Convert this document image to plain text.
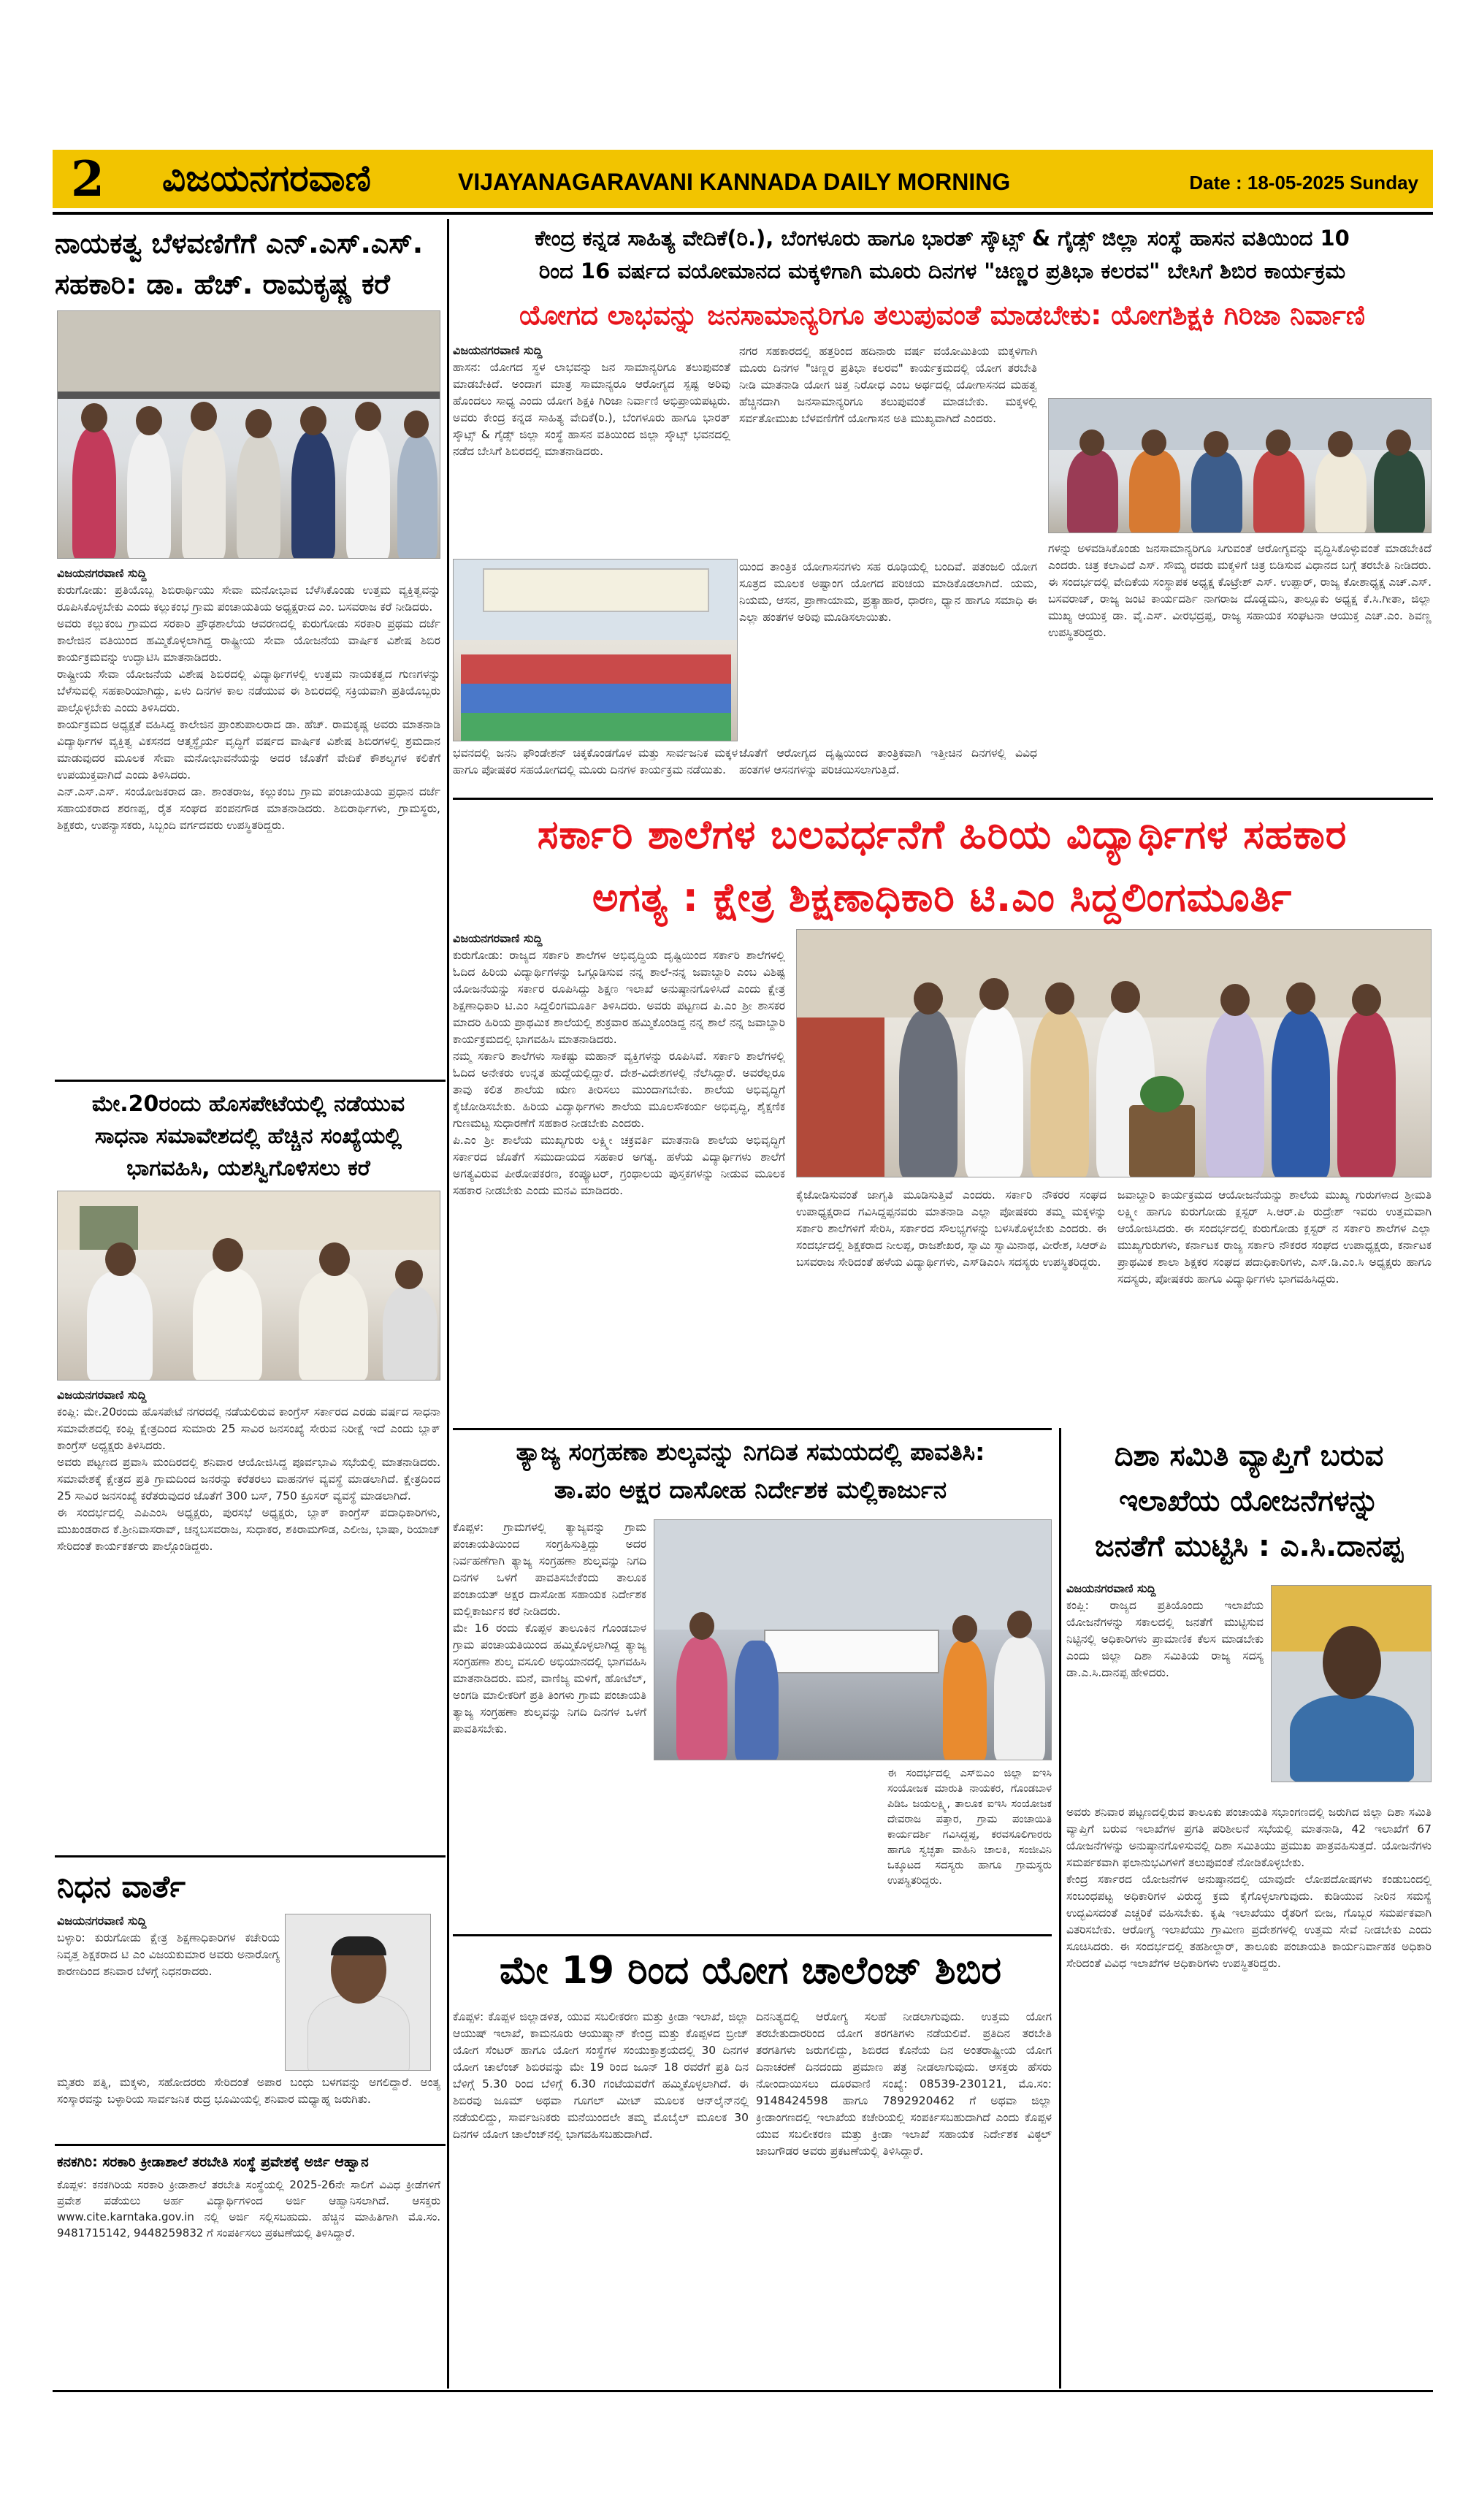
2	ವಿಜಯನಗರವಾಣಿ	VIJAYANAGARAVANI KANNADA DAILY MORNING	Date : 18-05-2025 Sunday
ನಾಯಕತ್ವ ಬೆಳವಣಿಗೆಗೆ ಎನ್.ಎಸ್.ಎಸ್.
ಸಹಕಾರಿ: ಡಾ. ಹೆಚ್. ರಾಮಕೃಷ್ಣ ಕರೆ
ವಿಜಯನಗರವಾಣಿ ಸುದ್ದಿ

ಕುರುಗೋಡು: ಪ್ರತಿಯೊಬ್ಬ ಶಿಬಿರಾರ್ಥಿಯು ಸೇವಾ ಮನೋಭಾವ ಬೆಳೆಸಿಕೊಂಡು ಉತ್ತಮ ವ್ಯಕ್ತಿತ್ವವನ್ನು ರೂಪಿಸಿಕೊಳ್ಳಬೇಕು ಎಂದು ಕಲ್ಲುಕಂಭ ಗ್ರಾಮ ಪಂಚಾಯತಿಯ ಅಧ್ಯಕ್ಷರಾದ ಎಂ. ಬಸವರಾಜ ಕರೆ ನೀಡಿದರು.

ಅವರು ಕಲ್ಲುಕಂಬ ಗ್ರಾಮದ ಸರಕಾರಿ ಪ್ರೌಢಶಾಲೆಯ ಆವರಣದಲ್ಲಿ ಕುರುಗೋಡು ಸರಕಾರಿ ಪ್ರಥಮ ದರ್ಜೆ ಕಾಲೇಜಿನ ವತಿಯಿಂದ ಹಮ್ಮಿಕೊಳ್ಳಲಾಗಿದ್ದ ರಾಷ್ಟ್ರೀಯ ಸೇವಾ ಯೋಜನೆಯ ವಾರ್ಷಿಕ ವಿಶೇಷ ಶಿಬಿರ ಕಾರ್ಯಕ್ರಮವನ್ನು ಉದ್ಘಾಟಿಸಿ ಮಾತನಾಡಿದರು.

ರಾಷ್ಟ್ರೀಯ ಸೇವಾ ಯೋಜನೆಯ ವಿಶೇಷ ಶಿಬಿರದಲ್ಲಿ ವಿದ್ಯಾರ್ಥಿಗಳಲ್ಲಿ ಉತ್ತಮ ನಾಯಕತ್ವದ ಗುಣಗಳನ್ನು ಬೆಳೆಸುವಲ್ಲಿ ಸಹಕಾರಿಯಾಗಿದ್ದು, ಏಳು ದಿನಗಳ ಕಾಲ ನಡೆಯುವ ಈ ಶಿಬಿರದಲ್ಲಿ ಸಕ್ರಿಯವಾಗಿ ಪ್ರತಿಯೊಬ್ಬರು ಪಾಲ್ಗೊಳ್ಳಬೇಕು ಎಂದು ತಿಳಿಸಿದರು.

ಕಾರ್ಯಕ್ರಮದ ಅಧ್ಯಕ್ಷತೆ ವಹಿಸಿದ್ದ ಕಾಲೇಜಿನ ಪ್ರಾಂಶುಪಾಲರಾದ ಡಾ. ಹೆಚ್. ರಾಮಕೃಷ್ಣ ಅವರು ಮಾತನಾಡಿ ವಿದ್ಯಾರ್ಥಿಗಳ ವ್ಯಕ್ತಿತ್ವ ವಿಕಸನದ ಆತ್ಮಸ್ಥೈರ್ಯ ವೃದ್ಧಿಗೆ ವರ್ಷದ ವಾರ್ಷಿಕ ವಿಶೇಷ ಶಿಬಿರಗಳಲ್ಲಿ ಶ್ರಮದಾನ ಮಾಡುವುದರ ಮೂಲಕ ಸೇವಾ ಮನೋಭಾವನೆಯನ್ನು ಅದರ ಜೊತೆಗೆ ವೇದಿಕೆ ಕೌಶಲ್ಯಗಳ ಕಲಿಕೆಗೆ ಉಪಯುಕ್ತವಾಗಿದೆ ಎಂದು ತಿಳಿಸಿದರು.

ಎನ್.ಎಸ್.ಎಸ್. ಸಂಯೋಜಕರಾದ ಡಾ. ಶಾಂತರಾಜ, ಕಲ್ಲುಕಂಬ ಗ್ರಾಮ ಪಂಚಾಯತಿಯ ಪ್ರಧಾನ ದರ್ಜೆ ಸಹಾಯಕರಾದ ಶರಣಪ್ಪ, ರೈತ ಸಂಘದ ಪಂಪನಗೌಡ ಮಾತನಾಡಿದರು. ಶಿಬಿರಾರ್ಥಿಗಳು, ಗ್ರಾಮಸ್ಥರು, ಶಿಕ್ಷಕರು, ಉಪನ್ಯಾಸಕರು, ಸಿಬ್ಬಂದಿ ವರ್ಗದವರು ಉಪಸ್ಥಿತರಿದ್ದರು.

ಮೇ.20ರಂದು ಹೊಸಪೇಟೆಯಲ್ಲಿ ನಡೆಯುವ
ಸಾಧನಾ ಸಮಾವೇಶದಲ್ಲಿ ಹೆಚ್ಚಿನ ಸಂಖ್ಯೆಯಲ್ಲಿ
ಭಾಗವಹಿಸಿ, ಯಶಸ್ವಿಗೊಳಿಸಲು ಕರೆ
ವಿಜಯನಗರವಾಣಿ ಸುದ್ದಿ

ಕಂಪ್ಲಿ: ಮೇ.20ರಂದು ಹೊಸಪೇಟೆ ನಗರದಲ್ಲಿ ನಡೆಯಲಿರುವ ಕಾಂಗ್ರೆಸ್ ಸರ್ಕಾರದ ಎರಡು ವರ್ಷದ ಸಾಧನಾ ಸಮಾವೇಶದಲ್ಲಿ ಕಂಪ್ಲಿ ಕ್ಷೇತ್ರದಿಂದ ಸುಮಾರು 25 ಸಾವಿರ ಜನಸಂಖ್ಯೆ ಸೇರುವ ನಿರೀಕ್ಷೆ ಇದೆ ಎಂದು ಬ್ಲಾಕ್ ಕಾಂಗ್ರೆಸ್ ಅಧ್ಯಕ್ಷರು ತಿಳಿಸಿದರು.

ಅವರು ಪಟ್ಟಣದ ಪ್ರವಾಸಿ ಮಂದಿರದಲ್ಲಿ ಶನಿವಾರ ಆಯೋಜಿಸಿದ್ದ ಪೂರ್ವಭಾವಿ ಸಭೆಯಲ್ಲಿ ಮಾತನಾಡಿದರು. ಸಮಾವೇಶಕ್ಕೆ ಕ್ಷೇತ್ರದ ಪ್ರತಿ ಗ್ರಾಮದಿಂದ ಜನರನ್ನು ಕರೆತರಲು ವಾಹನಗಳ ವ್ಯವಸ್ಥೆ ಮಾಡಲಾಗಿದೆ. ಕ್ಷೇತ್ರದಿಂದ 25 ಸಾವಿರ ಜನಸಂಖ್ಯೆ ಕರೆತರುವುದರ ಜೊತೆಗೆ 300 ಬಸ್, 750 ಕ್ರೂಸರ್ ವ್ಯವಸ್ಥೆ ಮಾಡಲಾಗಿದೆ.

ಈ ಸಂದರ್ಭದಲ್ಲಿ ಎಪಿಎಂಸಿ ಅಧ್ಯಕ್ಷರು, ಪುರಸಭೆ ಅಧ್ಯಕ್ಷರು, ಬ್ಲಾಕ್ ಕಾಂಗ್ರೆಸ್ ಪದಾಧಿಕಾರಿಗಳು, ಮುಖಂಡರಾದ ಕೆ.ಶ್ರೀನಿವಾಸರಾವ್, ಚನ್ನಬಸವರಾಜ, ಸುಧಾಕರ, ಶಕಿರಾಮಗೌಡ, ಎಲೀಜ, ಭಾಷಾ, ರಿಯಾಜ್ ಸೇರಿದಂತೆ ಕಾರ್ಯಕರ್ತರು ಪಾಲ್ಗೊಂಡಿದ್ದರು.

ನಿಧನ ವಾರ್ತೆ
ವಿಜಯನಗರವಾಣಿ ಸುದ್ದಿ

ಬಳ್ಳಾರಿ: ಕುರುಗೋಡು ಕ್ಷೇತ್ರ ಶಿಕ್ಷಣಾಧಿಕಾರಿಗಳ ಕಚೇರಿಯ ನಿವೃತ್ತ ಶಿಕ್ಷಕರಾದ ಟಿ ಎಂ ವಿಜಯಕುಮಾರ ಅವರು ಅನಾರೋಗ್ಯ ಕಾರಣದಿಂದ ಶನಿವಾರ ಬೆಳಗ್ಗೆ ನಿಧನರಾದರು.

ಮೃತರು ಪತ್ನಿ, ಮಕ್ಕಳು, ಸಹೋದರರು ಸೇರಿದಂತೆ ಅಪಾರ ಬಂಧು ಬಳಗವನ್ನು ಅಗಲಿದ್ದಾರೆ. ಅಂತ್ಯ ಸಂಸ್ಕಾರವನ್ನು ಬಳ್ಳಾರಿಯ ಸಾರ್ವಜನಿಕ ರುದ್ರ ಭೂಮಿಯಲ್ಲಿ ಶನಿವಾರ ಮಧ್ಯಾಹ್ನ ಜರುಗಿತು.

ಕನಕಗಿರಿ: ಸರಕಾರಿ ಕ್ರೀಡಾಶಾಲೆ ತರಬೇತಿ ಸಂಸ್ಥೆ ಪ್ರವೇಶಕ್ಕೆ ಅರ್ಜಿ ಆಹ್ವಾನ

ಕೊಪ್ಪಳ: ಕನಕಗಿರಿಯ ಸರಕಾರಿ ಕ್ರೀಡಾಶಾಲೆ ತರಬೇತಿ ಸಂಸ್ಥೆಯಲ್ಲಿ 2025-26ನೇ ಸಾಲಿಗೆ ವಿವಿಧ ಕ್ರೀಡೆಗಳಿಗೆ ಪ್ರವೇಶ ಪಡೆಯಲು ಅರ್ಹ ವಿದ್ಯಾರ್ಥಿಗಳಿಂದ ಅರ್ಜಿ ಆಹ್ವಾನಿಸಲಾಗಿದೆ. ಆಸಕ್ತರು www.cite.karntaka.gov.in ನಲ್ಲಿ ಅರ್ಜಿ ಸಲ್ಲಿಸಬಹುದು. ಹೆಚ್ಚಿನ ಮಾಹಿತಿಗಾಗಿ ಮೊ.ಸಂ. 9481715142, 9448259832 ಗೆ ಸಂಪರ್ಕಿಸಲು ಪ್ರಕಟಣೆಯಲ್ಲಿ ತಿಳಿಸಿದ್ದಾರೆ.

ಕೇಂದ್ರ ಕನ್ನಡ ಸಾಹಿತ್ಯ ವೇದಿಕೆ(ರಿ.), ಬೆಂಗಳೂರು ಹಾಗೂ ಭಾರತ್ ಸ್ಕೌಟ್ಸ್ & ಗೈಡ್ಸ್ ಜಿಲ್ಲಾ ಸಂಸ್ಥೆ ಹಾಸನ ವತಿಯಿಂದ 10
ರಿಂದ 16 ವರ್ಷದ ವಯೋಮಾನದ ಮಕ್ಕಳಿಗಾಗಿ ಮೂರು ದಿನಗಳ "ಚಿಣ್ಣರ ಪ್ರತಿಭಾ ಕಲರವ" ಬೇಸಿಗೆ ಶಿಬಿರ ಕಾರ್ಯಕ್ರಮ
ಯೋಗದ ಲಾಭವನ್ನು ಜನಸಾಮಾನ್ಯರಿಗೂ ತಲುಪುವಂತೆ ಮಾಡಬೇಕು: ಯೋಗಶಿಕ್ಷಕಿ ಗಿರಿಜಾ ನಿರ್ವಾಣಿ
ವಿಜಯನಗರವಾಣಿ ಸುದ್ದಿ

ಹಾಸನ: ಯೋಗದ ಸ್ಥಳ ಲಾಭವನ್ನು ಜನ ಸಾಮಾನ್ಯರಿಗೂ ತಲುಪುವಂತೆ ಮಾಡಬೇಕಿದೆ. ಅಂದಾಗ ಮಾತ್ರ ಸಾಮಾನ್ಯರೂ ಆರೋಗ್ಯದ ಸ್ಪಷ್ಟ ಅರಿವು ಹೊಂದಲು ಸಾಧ್ಯ ಎಂದು ಯೋಗ ಶಿಕ್ಷಕಿ ಗಿರಿಜಾ ನಿರ್ವಾಣಿ ಅಭಿಪ್ರಾಯಪಟ್ಟರು. ಅವರು ಕೇಂದ್ರ ಕನ್ನಡ ಸಾಹಿತ್ಯ ವೇದಿಕೆ(ರಿ.), ಬೆಂಗಳೂರು ಹಾಗೂ ಭಾರತ್ ಸ್ಕೌಟ್ಸ್ & ಗೈಡ್ಸ್ ಜಿಲ್ಲಾ ಸಂಸ್ಥೆ ಹಾಸನ ವತಿಯಿಂದ ಜಿಲ್ಲಾ ಸ್ಕೌಟ್ಸ್ ಭವನದಲ್ಲಿ ನಡೆದ ಬೇಸಿಗೆ ಶಿಬಿರದಲ್ಲಿ ಮಾತನಾಡಿದರು.

ನಗರ ಸಹಕಾರದಲ್ಲಿ ಹತ್ತರಿಂದ ಹದಿನಾರು ವರ್ಷ ವಯೋಮಿತಿಯ ಮಕ್ಕಳಿಗಾಗಿ ಮೂರು ದಿನಗಳ "ಚಿಣ್ಣರ ಪ್ರತಿಭಾ ಕಲರವ" ಕಾರ್ಯಕ್ರಮದಲ್ಲಿ ಯೋಗ ತರಬೇತಿ ನೀಡಿ ಮಾತನಾಡಿ ಯೋಗ ಚಿತ್ತ ನಿರೋಧ ಎಂಬ ಅರ್ಥದಲ್ಲಿ ಯೋಗಾಸನದ ಮಹತ್ವ ಹೆಚ್ಚಿನದಾಗಿ ಜನಸಾಮಾನ್ಯರಿಗೂ ತಲುಪುವಂತೆ ಮಾಡಬೇಕು. ಮಕ್ಕಳಲ್ಲಿ ಸರ್ವತೋಮುಖ ಬೆಳವಣಿಗೆಗೆ ಯೋಗಾಸನ ಅತಿ ಮುಖ್ಯವಾಗಿದೆ ಎಂದರು.

ಯಿಂದ ತಾಂತ್ರಿಕ ಯೋಗಾಸನಗಳು ಸಹ ರೂಢಿಯಲ್ಲಿ ಬಂದಿವೆ. ಪತಂಜಲಿ ಯೋಗ ಸೂತ್ರದ ಮೂಲಕ ಅಷ್ಟಾಂಗ ಯೋಗದ ಪರಿಚಯ ಮಾಡಿಕೊಡಲಾಗಿದೆ. ಯಮ, ನಿಯಮ, ಆಸನ, ಪ್ರಾಣಾಯಾಮ, ಪ್ರತ್ಯಾಹಾರ, ಧಾರಣ, ಧ್ಯಾನ ಹಾಗೂ ಸಮಾಧಿ ಈ ಎಲ್ಲಾ ಹಂತಗಳ ಅರಿವು ಮೂಡಿಸಲಾಯಿತು.

ಭವನದಲ್ಲಿ ಜನನಿ ಫೌಂಡೇಶನ್ ಚಿಕ್ಕಕೊಂಡಗೊಳ ಮತ್ತು ಸಾರ್ವಜನಿಕ ಮಕ್ಕಳ ಹಾಗೂ ಪೋಷಕರ ಸಹಯೋಗದಲ್ಲಿ ಮೂರು ದಿನಗಳ ಕಾರ್ಯಕ್ರಮ ನಡೆಯಿತು.

ಜೊತೆಗೆ ಆರೋಗ್ಯದ ದೃಷ್ಟಿಯಿಂದ ತಾಂತ್ರಿಕವಾಗಿ ಇತ್ತೀಚಿನ ದಿನಗಳಲ್ಲಿ ವಿವಿಧ ಹಂತಗಳ ಆಸನಗಳನ್ನು ಪರಿಚಯಿಸಲಾಗುತ್ತಿದೆ.

ಗಳನ್ನು ಅಳವಡಿಸಿಕೊಂಡು ಜನಸಾಮಾನ್ಯರಿಗೂ ಸಿಗುವಂತೆ ಆರೋಗ್ಯವನ್ನು ವೃದ್ಧಿಸಿಕೊಳ್ಳುವಂತೆ ಮಾಡಬೇಕಿದೆ ಎಂದರು. ಚಿತ್ರ ಕಲಾವಿದೆ ಎಸ್. ಸೌಮ್ಯ ರವರು ಮಕ್ಕಳಿಗೆ ಚಿತ್ರ ಬಿಡಿಸುವ ವಿಧಾನದ ಬಗ್ಗೆ ತರಬೇತಿ ನೀಡಿದರು. ಈ ಸಂದರ್ಭದಲ್ಲಿ ವೇದಿಕೆಯ ಸಂಸ್ಥಾಪಕ ಅಧ್ಯಕ್ಷ ಕೊಟ್ರೇಶ್ ಎಸ್. ಉಪ್ಪಾರ್, ರಾಜ್ಯ ಕೋಶಾಧ್ಯಕ್ಷ ಎಚ್.ಎಸ್. ಬಸವರಾಜ್, ರಾಜ್ಯ ಜಂಟಿ ಕಾರ್ಯದರ್ಶಿ ನಾಗರಾಜ ದೊಡ್ಡಮನಿ, ತಾಲ್ಲೂಕು ಅಧ್ಯಕ್ಷ ಕೆ.ಸಿ.ಗೀತಾ, ಜಿಲ್ಲಾ ಮುಖ್ಯ ಆಯುಕ್ತ ಡಾ. ವೈ.ಎಸ್. ವೀರಭದ್ರಪ್ಪ, ರಾಜ್ಯ ಸಹಾಯಕ ಸಂಘಟನಾ ಆಯುಕ್ತ ಎಚ್.ಎಂ. ಶಿವಣ್ಣ ಉಪಸ್ಥಿತರಿದ್ದರು.

ಸರ್ಕಾರಿ ಶಾಲೆಗಳ ಬಲವರ್ಧನೆಗೆ ಹಿರಿಯ ವಿದ್ಯಾರ್ಥಿಗಳ ಸಹಕಾರ
ಅಗತ್ಯ : ಕ್ಷೇತ್ರ ಶಿಕ್ಷಣಾಧಿಕಾರಿ ಟಿ.ಎಂ ಸಿದ್ದಲಿಂಗಮೂರ್ತಿ
ವಿಜಯನಗರವಾಣಿ ಸುದ್ದಿ

ಕುರುಗೋಡು: ರಾಜ್ಯದ ಸರ್ಕಾರಿ ಶಾಲೆಗಳ ಅಭಿವೃದ್ಧಿಯ ದೃಷ್ಟಿಯಿಂದ ಸರ್ಕಾರಿ ಶಾಲೆಗಳಲ್ಲಿ ಓದಿದ ಹಿರಿಯ ವಿದ್ಯಾರ್ಥಿಗಳನ್ನು ಒಗ್ಗೂಡಿಸುವ ನನ್ನ ಶಾಲೆ-ನನ್ನ ಜವಾಬ್ದಾರಿ ಎಂಬ ವಿಶಿಷ್ಟ ಯೋಜನೆಯನ್ನು ಸರ್ಕಾರ ರೂಪಿಸಿದ್ದು ಶಿಕ್ಷಣ ಇಲಾಖೆ ಅನುಷ್ಠಾನಗೊಳಿಸಿದೆ ಎಂದು ಕ್ಷೇತ್ರ ಶಿಕ್ಷಣಾಧಿಕಾರಿ ಟಿ.ಎಂ ಸಿದ್ದಲಿಂಗಮೂರ್ತಿ ತಿಳಿಸಿದರು. ಅವರು ಪಟ್ಟಣದ ಪಿ.ಎಂ ಶ್ರೀ ಶಾಸಕರ ಮಾದರಿ ಹಿರಿಯ ಪ್ರಾಥಮಿಕ ಶಾಲೆಯಲ್ಲಿ ಶುಕ್ರವಾರ ಹಮ್ಮಿಕೊಂಡಿದ್ದ ನನ್ನ ಶಾಲೆ ನನ್ನ ಜವಾಬ್ದಾರಿ ಕಾರ್ಯಕ್ರಮದಲ್ಲಿ ಭಾಗವಹಿಸಿ ಮಾತನಾಡಿದರು.

ನಮ್ಮ ಸರ್ಕಾರಿ ಶಾಲೆಗಳು ಸಾಕಷ್ಟು ಮಹಾನ್ ವ್ಯಕ್ತಿಗಳನ್ನು ರೂಪಿಸಿವೆ. ಸರ್ಕಾರಿ ಶಾಲೆಗಳಲ್ಲಿ ಓದಿದ ಅನೇಕರು ಉನ್ನತ ಹುದ್ದೆಯಲ್ಲಿದ್ದಾರೆ. ದೇಶ-ವಿದೇಶಗಳಲ್ಲಿ ನೆಲೆಸಿದ್ದಾರೆ. ಅವರೆಲ್ಲರೂ ತಾವು ಕಲಿತ ಶಾಲೆಯ ಋಣ ತೀರಿಸಲು ಮುಂದಾಗಬೇಕು. ಶಾಲೆಯ ಅಭಿವೃದ್ಧಿಗೆ ಕೈಜೋಡಿಸಬೇಕು. ಹಿರಿಯ ವಿದ್ಯಾರ್ಥಿಗಳು ಶಾಲೆಯ ಮೂಲಸೌಕರ್ಯ ಅಭಿವೃದ್ಧಿ, ಶೈಕ್ಷಣಿಕ ಗುಣಮಟ್ಟ ಸುಧಾರಣೆಗೆ ಸಹಕಾರ ನೀಡಬೇಕು ಎಂದರು.

ಪಿ.ಎಂ ಶ್ರೀ ಶಾಲೆಯ ಮುಖ್ಯಗುರು ಲಕ್ಷ್ಮೀ ಚಕ್ರವರ್ತಿ ಮಾತನಾಡಿ ಶಾಲೆಯ ಅಭಿವೃದ್ಧಿಗೆ ಸರ್ಕಾರದ ಜೊತೆಗೆ ಸಮುದಾಯದ ಸಹಕಾರ ಅಗತ್ಯ. ಹಳೆಯ ವಿದ್ಯಾರ್ಥಿಗಳು ಶಾಲೆಗೆ ಅಗತ್ಯವಿರುವ ಪೀಠೋಪಕರಣ, ಕಂಪ್ಯೂಟರ್, ಗ್ರಂಥಾಲಯ ಪುಸ್ತಕಗಳನ್ನು ನೀಡುವ ಮೂಲಕ ಸಹಕಾರ ನೀಡಬೇಕು ಎಂದು ಮನವಿ ಮಾಡಿದರು.	ಕೈಜೋಡಿಸುವಂತೆ ಜಾಗೃತಿ ಮೂಡಿಸುತ್ತಿವೆ ಎಂದರು. ಸರ್ಕಾರಿ ನೌಕರರ ಸಂಘದ ಉಪಾಧ್ಯಕ್ಷರಾದ ಗವಿಸಿದ್ದಪ್ಪನವರು ಮಾತನಾಡಿ ಎಲ್ಲಾ ಪೋಷಕರು ತಮ್ಮ ಮಕ್ಕಳನ್ನು ಸರ್ಕಾರಿ ಶಾಲೆಗಳಿಗೆ ಸೇರಿಸಿ, ಸರ್ಕಾರದ ಸೌಲಭ್ಯಗಳನ್ನು ಬಳಸಿಕೊಳ್ಳಬೇಕು ಎಂದರು. ಈ ಸಂದರ್ಭದಲ್ಲಿ ಶಿಕ್ಷಕರಾದ ನೀಲಪ್ಪ, ರಾಜಶೇಖರ, ಸ್ವಾಮಿ ಸ್ವಾಮಿನಾಥ, ವೀರೇಶ, ಸಿಆರ್‌ಪಿ ಬಸವರಾಜ ಸೇರಿದಂತೆ ಹಳೆಯ ವಿದ್ಯಾರ್ಥಿಗಳು, ಎಸ್‌ಡಿಎಂಸಿ ಸದಸ್ಯರು ಉಪಸ್ಥಿತರಿದ್ದರು.

ಜವಾಬ್ದಾರಿ ಕಾರ್ಯಕ್ರಮದ ಆಯೋಜನೆಯನ್ನು ಶಾಲೆಯ ಮುಖ್ಯ ಗುರುಗಳಾದ ಶ್ರೀಮತಿ ಲಕ್ಷ್ಮೀ ಹಾಗೂ ಕುರುಗೋಡು ಕ್ಲಸ್ಟರ್ ಸಿ.ಆರ್.ಪಿ ರುದ್ರೇಶ್ ಇವರು ಉತ್ತಮವಾಗಿ ಆಯೋಜಿಸಿದರು. ಈ ಸಂದರ್ಭದಲ್ಲಿ ಕುರುಗೋಡು ಕ್ಲಸ್ಟರ್ ನ ಸರ್ಕಾರಿ ಶಾಲೆಗಳ ಎಲ್ಲಾ ಮುಖ್ಯಗುರುಗಳು, ಕರ್ನಾಟಕ ರಾಜ್ಯ ಸರ್ಕಾರಿ ನೌಕರರ ಸಂಘದ ಉಪಾಧ್ಯಕ್ಷರು, ಕರ್ನಾಟಕ ಪ್ರಾಥಮಿಕ ಶಾಲಾ ಶಿಕ್ಷಕರ ಸಂಘದ ಪದಾಧಿಕಾರಿಗಳು, ಎಸ್.ಡಿ.ಎಂ.ಸಿ ಅಧ್ಯಕ್ಷರು ಹಾಗೂ ಸದಸ್ಯರು, ಪೋಷಕರು ಹಾಗೂ ವಿದ್ಯಾರ್ಥಿಗಳು ಭಾಗವಹಿಸಿದ್ದರು.

ತ್ಯಾಜ್ಯ ಸಂಗ್ರಹಣಾ ಶುಲ್ಕವನ್ನು ನಿಗದಿತ ಸಮಯದಲ್ಲಿ ಪಾವತಿಸಿ:
ತಾ.ಪಂ ಅಕ್ಷರ ದಾಸೋಹ ನಿರ್ದೇಶಕ ಮಲ್ಲಿಕಾರ್ಜುನ

ಕೊಪ್ಪಳ: ಗ್ರಾಮಗಳಲ್ಲಿ ತ್ಯಾಜ್ಯವನ್ನು ಗ್ರಾಮ ಪಂಚಾಯತಿಯಿಂದ ಸಂಗ್ರಹಿಸುತ್ತಿದ್ದು ಅದರ ನಿರ್ವಹಣೆಗಾಗಿ ತ್ಯಾಜ್ಯ ಸಂಗ್ರಹಣಾ ಶುಲ್ಕವನ್ನು ನಿಗದಿ ದಿನಗಳ ಒಳಗೆ ಪಾವತಿಸಬೇಕೆಂದು ತಾಲೂಕ ಪಂಚಾಯತ್ ಅಕ್ಷರ ದಾಸೋಹ ಸಹಾಯಕ ನಿರ್ದೇಶಕ ಮಲ್ಲಿಕಾರ್ಜುನ ಕರೆ ನೀಡಿದರು.

ಮೇ 16 ರಂದು ಕೊಪ್ಪಳ ತಾಲೂಕಿನ ಗೊಂಡಬಾಳ ಗ್ರಾಮ ಪಂಚಾಯತಿಯಿಂದ ಹಮ್ಮಿಕೊಳ್ಳಲಾಗಿದ್ದ ತ್ಯಾಜ್ಯ ಸಂಗ್ರಹಣಾ ಶುಲ್ಕ ವಸೂಲಿ ಅಭಿಯಾನದಲ್ಲಿ ಭಾಗವಹಿಸಿ ಮಾತನಾಡಿದರು. ಮನೆ, ವಾಣಿಜ್ಯ ಮಳಿಗೆ, ಹೋಟೆಲ್, ಅಂಗಡಿ ಮಾಲೀಕರಿಗೆ ಪ್ರತಿ ತಿಂಗಳು ಗ್ರಾಮ ಪಂಚಾಯತಿ ತ್ಯಾಜ್ಯ ಸಂಗ್ರಹಣಾ ಶುಲ್ಕವನ್ನು ನಿಗದಿ ದಿನಗಳ ಒಳಗೆ ಪಾವತಿಸಬೇಕು.

ಈ ಸಂದರ್ಭದಲ್ಲಿ ಎಸ್‌ಬಿಎಂ ಜಿಲ್ಲಾ ಐಇಸಿ ಸಂಯೋಜಕ ಮಾರುತಿ ನಾಯಕರ, ಗೊಂಡಬಾಳ ಪಿಡಿಒ ಜಯಲಕ್ಷ್ಮಿ, ತಾಲೂಕ ಐಇಸಿ ಸಂಯೋಜಕ ದೇವರಾಜ ಪತ್ತಾರ, ಗ್ರಾಮ ಪಂಚಾಯಿತಿ ಕಾರ್ಯದರ್ಶಿ ಗವಿಸಿದ್ದಪ್ಪ, ಕರವಸೂಲಿಗಾರರು ಹಾಗೂ ಸ್ವಚ್ಛತಾ ವಾಹಿನಿ ಚಾಲಕಿ, ಸಂಜೀವಿನಿ ಒಕ್ಕೂಟದ ಸದಸ್ಯರು ಹಾಗೂ ಗ್ರಾಮಸ್ಥರು ಉಪಸ್ಥಿತರಿದ್ದರು.

ದಿಶಾ ಸಮಿತಿ ವ್ಯಾಪ್ತಿಗೆ ಬರುವ
ಇಲಾಖೆಯ ಯೋಜನೆಗಳನ್ನು
ಜನತೆಗೆ ಮುಟ್ಟಿಸಿ : ಎ.ಸಿ.ದಾನಪ್ಪ
ವಿಜಯನಗರವಾಣಿ ಸುದ್ದಿ

ಕಂಪ್ಲಿ: ರಾಜ್ಯದ ಪ್ರತಿಯೊಂದು ಇಲಾಖೆಯ ಯೋಜನೆಗಳನ್ನು ಸಕಾಲದಲ್ಲಿ ಜನತೆಗೆ ಮುಟ್ಟಿಸುವ ನಿಟ್ಟಿನಲ್ಲಿ ಅಧಿಕಾರಿಗಳು ಪ್ರಾಮಾಣಿಕ ಕೆಲಸ ಮಾಡಬೇಕು ಎಂದು ಜಿಲ್ಲಾ ದಿಶಾ ಸಮಿತಿಯ ರಾಜ್ಯ ಸದಸ್ಯ ಡಾ.ಎ.ಸಿ.ದಾನಪ್ಪ ಹೇಳಿದರು.

ಅವರು ಶನಿವಾರ ಪಟ್ಟಣದಲ್ಲಿರುವ ತಾಲೂಕು ಪಂಚಾಯತಿ ಸಭಾಂಗಣದಲ್ಲಿ ಜರುಗಿದ ಜಿಲ್ಲಾ ದಿಶಾ ಸಮಿತಿ ವ್ಯಾಪ್ತಿಗೆ ಬರುವ ಇಲಾಖೆಗಳ ಪ್ರಗತಿ ಪರಿಶೀಲನೆ ಸಭೆಯಲ್ಲಿ ಮಾತನಾಡಿ, 42 ಇಲಾಖೆಗೆ 67 ಯೋಜನೆಗಳನ್ನು ಅನುಷ್ಠಾನಗೊಳಿಸುವಲ್ಲಿ ದಿಶಾ ಸಮಿತಿಯು ಪ್ರಮುಖ ಪಾತ್ರವಹಿಸುತ್ತದೆ. ಯೋಜನೆಗಳು ಸಮರ್ಪಕವಾಗಿ ಫಲಾನುಭವಿಗಳಿಗೆ ತಲುಪುವಂತೆ ನೋಡಿಕೊಳ್ಳಬೇಕು.

ಕೇಂದ್ರ ಸರ್ಕಾರದ ಯೋಜನೆಗಳ ಅನುಷ್ಠಾನದಲ್ಲಿ ಯಾವುದೇ ಲೋಪದೋಷಗಳು ಕಂಡುಬಂದಲ್ಲಿ ಸಂಬಂಧಪಟ್ಟ ಅಧಿಕಾರಿಗಳ ವಿರುದ್ಧ ಕ್ರಮ ಕೈಗೊಳ್ಳಲಾಗುವುದು. ಕುಡಿಯುವ ನೀರಿನ ಸಮಸ್ಯೆ ಉದ್ಭವಿಸದಂತೆ ಎಚ್ಚರಿಕೆ ವಹಿಸಬೇಕು. ಕೃಷಿ ಇಲಾಖೆಯು ರೈತರಿಗೆ ಬೀಜ, ಗೊಬ್ಬರ ಸಮರ್ಪಕವಾಗಿ ವಿತರಿಸಬೇಕು. ಆರೋಗ್ಯ ಇಲಾಖೆಯು ಗ್ರಾಮೀಣ ಪ್ರದೇಶಗಳಲ್ಲಿ ಉತ್ತಮ ಸೇವೆ ನೀಡಬೇಕು ಎಂದು ಸೂಚಿಸಿದರು. ಈ ಸಂದರ್ಭದಲ್ಲಿ ತಹಶೀಲ್ದಾರ್, ತಾಲೂಕು ಪಂಚಾಯತಿ ಕಾರ್ಯನಿರ್ವಾಹಕ ಅಧಿಕಾರಿ ಸೇರಿದಂತೆ ವಿವಿಧ ಇಲಾಖೆಗಳ ಅಧಿಕಾರಿಗಳು ಉಪಸ್ಥಿತರಿದ್ದರು.

ಮೇ 19 ರಿಂದ ಯೋಗ ಚಾಲೆಂಜ್ ಶಿಬಿರ

ಕೊಪ್ಪಳ: ಕೊಪ್ಪಳ ಜಿಲ್ಲಾಡಳಿತ, ಯುವ ಸಬಲೀಕರಣ ಮತ್ತು ಕ್ರೀಡಾ ಇಲಾಖೆ, ಜಿಲ್ಲಾ ಆಯುಷ್ ಇಲಾಖೆ, ಕಾಮನೂರು ಆಯುಷ್ಮಾನ್ ಕೇಂದ್ರ ಮತ್ತು ಕೊಪ್ಪಳದ ಬ್ರೀಜ್ ಯೋಗ ಸೆಂಟರ್ ಹಾಗೂ ಯೋಗ ಸಂಸ್ಥೆಗಳ ಸಂಯುಕ್ತಾಶ್ರಯದಲ್ಲಿ 30 ದಿನಗಳ ಯೋಗ ಚಾಲೆಂಜ್ ಶಿಬಿರವನ್ನು ಮೇ 19 ರಿಂದ ಜೂನ್ 18 ರವರೆಗೆ ಪ್ರತಿ ದಿನ ಬೆಳಿಗ್ಗೆ 5.30 ರಿಂದ ಬೆಳಿಗ್ಗೆ 6.30 ಗಂಟೆಯವರೆಗೆ ಹಮ್ಮಿಕೊಳ್ಳಲಾಗಿದೆ. ಈ ಶಿಬಿರವು ಜೂಮ್ ಅಥವಾ ಗೂಗಲ್ ಮೀಟ್ ಮೂಲಕ ಆನ್‌ಲೈನ್‌ನಲ್ಲಿ ನಡೆಯಲಿದ್ದು, ಸಾರ್ವಜನಿಕರು ಮನೆಯಿಂದಲೇ ತಮ್ಮ ಮೊಬೈಲ್ ಮೂಲಕ 30 ದಿನಗಳ ಯೋಗ ಚಾಲೆಂಜ್‌ನಲ್ಲಿ ಭಾಗವಹಿಸಬಹುದಾಗಿದೆ.

ದಿನನಿತ್ಯದಲ್ಲಿ ಆರೋಗ್ಯ ಸಲಹೆ ನೀಡಲಾಗುವುದು. ಉತ್ತಮ ಯೋಗ ತರಬೇತುದಾರರಿಂದ ಯೋಗ ತರಗತಿಗಳು ನಡೆಯಲಿವೆ. ಪ್ರತಿದಿನ ತರಬೇತಿ ತರಗತಿಗಳು ಜರುಗಲಿದ್ದು, ಶಿಬಿರದ ಕೊನೆಯ ದಿನ ಅಂತರಾಷ್ಟ್ರೀಯ ಯೋಗ ದಿನಾಚರಣೆ ದಿನದಂದು ಪ್ರಮಾಣ ಪತ್ರ ನೀಡಲಾಗುವುದು. ಆಸಕ್ತರು ಹೆಸರು ನೋಂದಾಯಿಸಲು ದೂರವಾಣಿ ಸಂಖ್ಯೆ: 08539-230121, ಮೊ.ಸಂ: 9148424598 ಹಾಗೂ 7892920462 ಗೆ ಅಥವಾ ಜಿಲ್ಲಾ ಕ್ರೀಡಾಂಗಣದಲ್ಲಿ ಇಲಾಖೆಯ ಕಚೇರಿಯಲ್ಲಿ ಸಂಪರ್ಕಿಸಬಹುದಾಗಿದೆ ಎಂದು ಕೊಪ್ಪಳ ಯುವ ಸಬಲೀಕರಣ ಮತ್ತು ಕ್ರೀಡಾ ಇಲಾಖೆ ಸಹಾಯಕ ನಿರ್ದೇಶಕ ವಿಠ್ಠಲ್ ಜಾಬಗೌಡರ ಅವರು ಪ್ರಕಟಣೆಯಲ್ಲಿ ತಿಳಿಸಿದ್ದಾರೆ.
